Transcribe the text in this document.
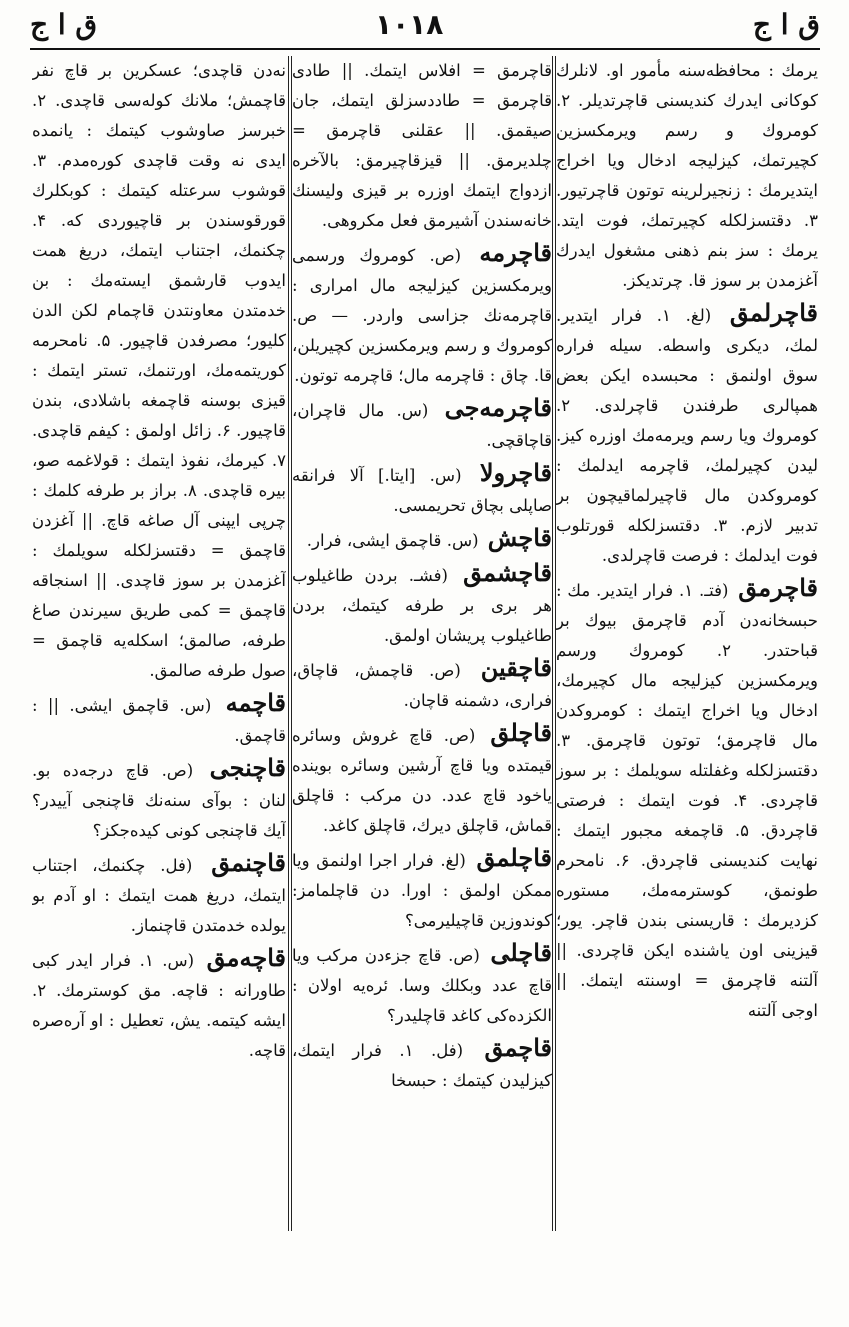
ق ا ج
۱۰۱۸
ق ا ج

یرمك : محافظه‌سنه مأمور او. لانلرك کوکانی ایدرك کندیسنی قاچرتدیلر. ۲. کومروك و رسم ویرمکسزین کچیرتمك، کیزلیجه ادخال ویا اخراج ایتدیرمك : زنجیرلرینه توتون قاچرتیور. ۳. دقتسزلکله کچیرتمك، فوت ایتد. یرمك : سز بنم ذهنی مشغول ایدرك آغزمدن بر سوز قا. چرتدیکز.

قاچرلمق (لغ. ۱. فرار ایتدیر. لمك، دیکری واسطه. سیله فراره سوق اولنمق : محبسده ایکن بعض همپالری طرفندن قاچرلدی. ۲. کومروك ویا رسم ویرمه‌مك اوزره کیز. لیدن کچیرلمك، قاچرمه ایدلمك : کومروکدن مال قاچیرلماقیچون بر تدبیر لازم. ۳. دقتسزلکله قورتلوب فوت ایدلمك : فرصت قاچرلدی.

قاچرمق (فتـ. ۱. فرار ایتدیر. مك : حبسخانه‌دن آدم قاچرمق بیوك بر قباحتدر. ۲. کومروك ورسم ویرمکسزین کیزلیجه مال کچیرمك، ادخال ویا اخراج ایتمك : کومروکدن مال قاچرمق؛ توتون قاچرمق. ۳. دقتسزلکله وغفلتله سویلمك : بر سوز قاچردی. ۴. فوت ایتمك : فرصتی قاچردق. ۵. قاچمغه مجبور ایتمك : نهایت کندیسنی قاچردق. ۶. نامحرم طونمق، کوسترمه‌مك، مستوره کزدیرمك : قاریسنی بندن قاچر. یور؛ قیزینی اون یاشنده ایکن قاچردی. || آلتنه قاچرمق = اوسنته ایتمك. || اوجی آلتنه

قاچرمق = افلاس ایتمك. || طادی قاچرمق = طاددسزلق ایتمك، جان صیقمق. || عقلنی قاچرمق = چلدیرمق. || قیزقاچیرمق: بالآخره ازدواج ایتمك اوزره بر قیزی ولیسنك خانه‌سندن آشیرمق فعل مکروهی.

قاچرمه (ص. کومروك ورسمی ویرمکسزین کیزلیجه مال امراری : قاچرمه‌نك جزاسی واردر. — ص. کومروك و رسم ویرمکسزین کچیریلن، قا. چاق : قاچرمه مال؛ قاچرمه توتون.

قاچرمه‌جی (س. مال قاچران، قاچاقچی.

قاچرولا (س. [ایتا.] آلا فرانقه صاپلی بچاق تحریمسی.

قاچش (س. قاچمق ایشی، فرار.

قاچشمق (فشـ. بردن طاغیلوب هر بری بر طرفه کیتمك، بردن طاغیلوب پریشان اولمق.

قاچقین (ص. قاچمش، قاچاق، فراری، دشمنه قاچان.

قاچلق (ص. قاچ غروش وسائره قیمتده ویا قاچ آرشین وسائره بوینده یاخود قاچ عدد. دن مرکب : قاچلق قماش، قاچلق دیرك، قاچلق کاغد.

قاچلمق (لغ. فرار اجرا اولنمق ویا ممکن اولمق : اورا. دن قاچلمامز: کوندوزین قاچیلیرمی؟

قاچلی (ص. قاچ جزءدن مرکب ویا قاچ عدد وبکلك وسا. ئره‌یه اولان : الکزده‌کی کاغد قاچلیدر؟

قاچمق (فل. ۱. فرار ایتمك، کیزلیدن کیتمك : حبسخا

نه‌دن قاچدی؛ عسکرین بر قاچ نفر قاچمش؛ ملانك کوله‌سی قاچدی. ۲. خبرسز صاوشوب کیتمك : یانمده ایدی نه وقت قاچدی کوره‌مدم. ۳. قوشوب سرعتله کیتمك : کوبکلرك قورقوسندن بر قاچیوردی که. ۴. چکنمك، اجتناب ایتمك، دریغ همت ایدوب قارشمق ایسته‌مك : بن خدمتدن معاونتدن قاچمام لکن الدن کلیور؛ مصرفدن قاچیور. ۵. نامحرمه کوریتمه‌مك، اورتنمك، تستر ایتمك : قیزی بوسنه قاچمغه باشلادی، بندن قاچیور. ۶. زائل اولمق : کیفم قاچدی. ۷. کیرمك، نفوذ ایتمك : قولاغمه صو، بیره قاچدی. ۸. براز بر طرفه کلمك : چرپی ایپنی آل صاغه قاچ. || آغزدن قاچمق = دقتسزلکله سویلمك : آغزمدن بر سوز قاچدی. || اسنجاقه قاچمق = کمی طریق سیرندن صاغ طرفه، صالمق؛ اسکله‌یه قاچمق = صول طرفه صالمق.

قاچمه (س. قاچمق ایشی. || : قاچمق.

قاچنجی (ص. قاچ درجه‌ده بو. لنان : بوآی سنه‌نك قاچنجی آییدر؟ آیك قاچنجی کونی کیده‌جکز؟

قاچنمق (فل. چکنمك، اجتناب ایتمك، دریغ همت ایتمك : او آدم بو یولده خدمتدن قاچنماز.

قاچه‌مق (س. ۱. فرار ایدر کبی طاورانه : قاچه. مق کوسترمك. ۲. ایشه کیتمه. یش، تعطیل : او آره‌صره قاچه.
